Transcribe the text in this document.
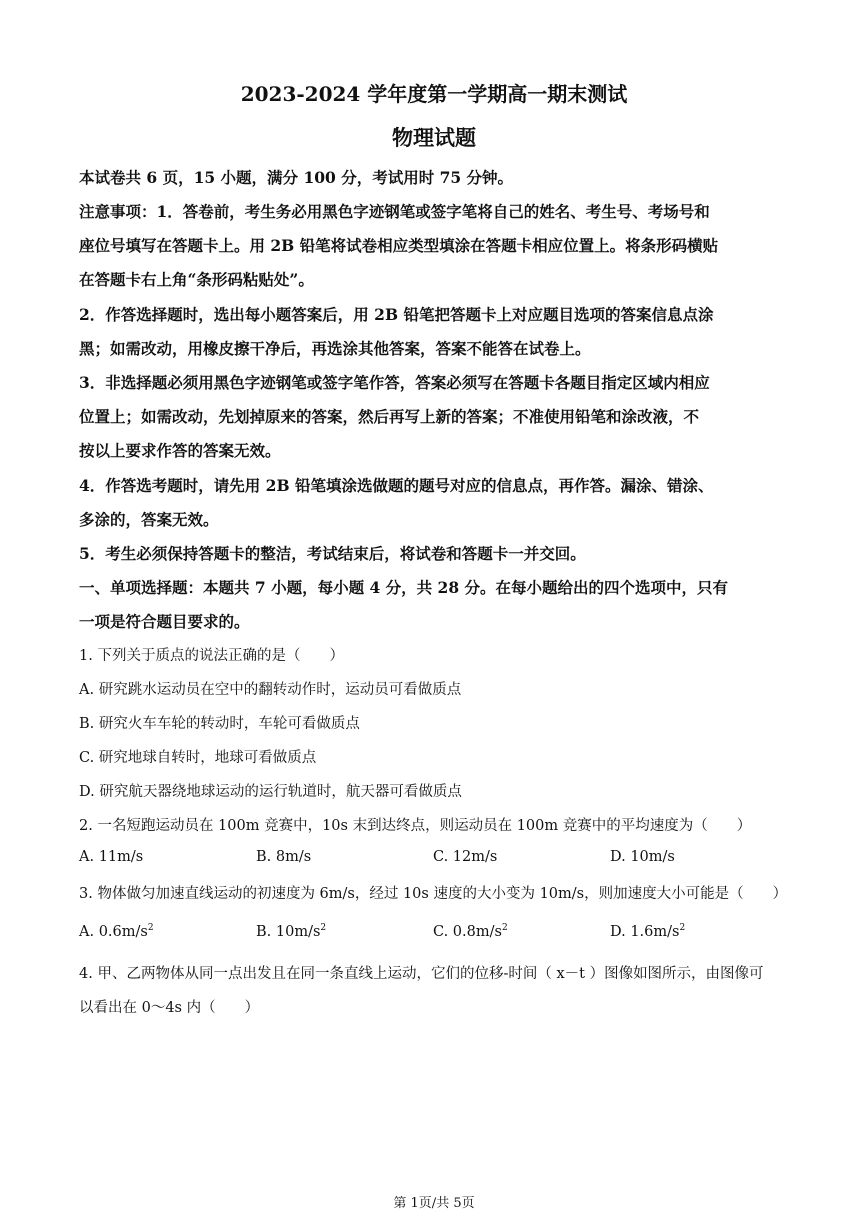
2023-2024 学年度第一学期高一期末测试
物理试题
本试卷共 6 页，15 小题，满分 100 分，考试用时 75 分钟。
注意事项：1．答卷前，考生务必用黑色字迹钢笔或签字笔将自己的姓名、考生号、考场号和
座位号填写在答题卡上。用 2B 铅笔将试卷相应类型填涂在答题卡相应位置上。将条形码横贴
在答题卡右上角“条形码粘贴处”。
2．作答选择题时，选出每小题答案后，用 2B 铅笔把答题卡上对应题目选项的答案信息点涂
黑；如需改动，用橡皮擦干净后，再选涂其他答案，答案不能答在试卷上。
3．非选择题必须用黑色字迹钢笔或签字笔作答，答案必须写在答题卡各题目指定区域内相应
位置上；如需改动，先划掉原来的答案，然后再写上新的答案；不准使用铅笔和涂改液，不
按以上要求作答的答案无效。
4．作答选考题时，请先用 2B 铅笔填涂选做题的题号对应的信息点，再作答。漏涂、错涂、
多涂的，答案无效。
5．考生必须保持答题卡的整洁，考试结束后，将试卷和答题卡一并交回。
一、单项选择题：本题共 7 小题，每小题 4 分，共 28 分。在每小题给出的四个选项中，只有
一项是符合题目要求的。
1. 下列关于质点的说法正确的是（　　）
A. 研究跳水运动员在空中的翻转动作时，运动员可看做质点
B. 研究火车车轮的转动时，车轮可看做质点
C. 研究地球自转时，地球可看做质点
D. 研究航天器绕地球运动的运行轨道时，航天器可看做质点
2. 一名短跑运动员在 100m 竞赛中，10s 末到达终点，则运动员在 100m 竞赛中的平均速度为（　　）
A. 11m/s	B. 8m/s	C. 12m/s	D. 10m/s
3. 物体做匀加速直线运动的初速度为 6m/s，经过 10s 速度的大小变为 10m/s，则加速度大小可能是（　　）
A. $0.6m/s^2$	B. $10m/s^2$	C. $0.8m/s^2$	D. $1.6m/s^2$
4. 甲、乙两物体从同一点出发且在同一条直线上运动，它们的位移-时间（ x－t ）图像如图所示，由图像可
以看出在 0～4s 内（　　）
第 1页/共 5页
